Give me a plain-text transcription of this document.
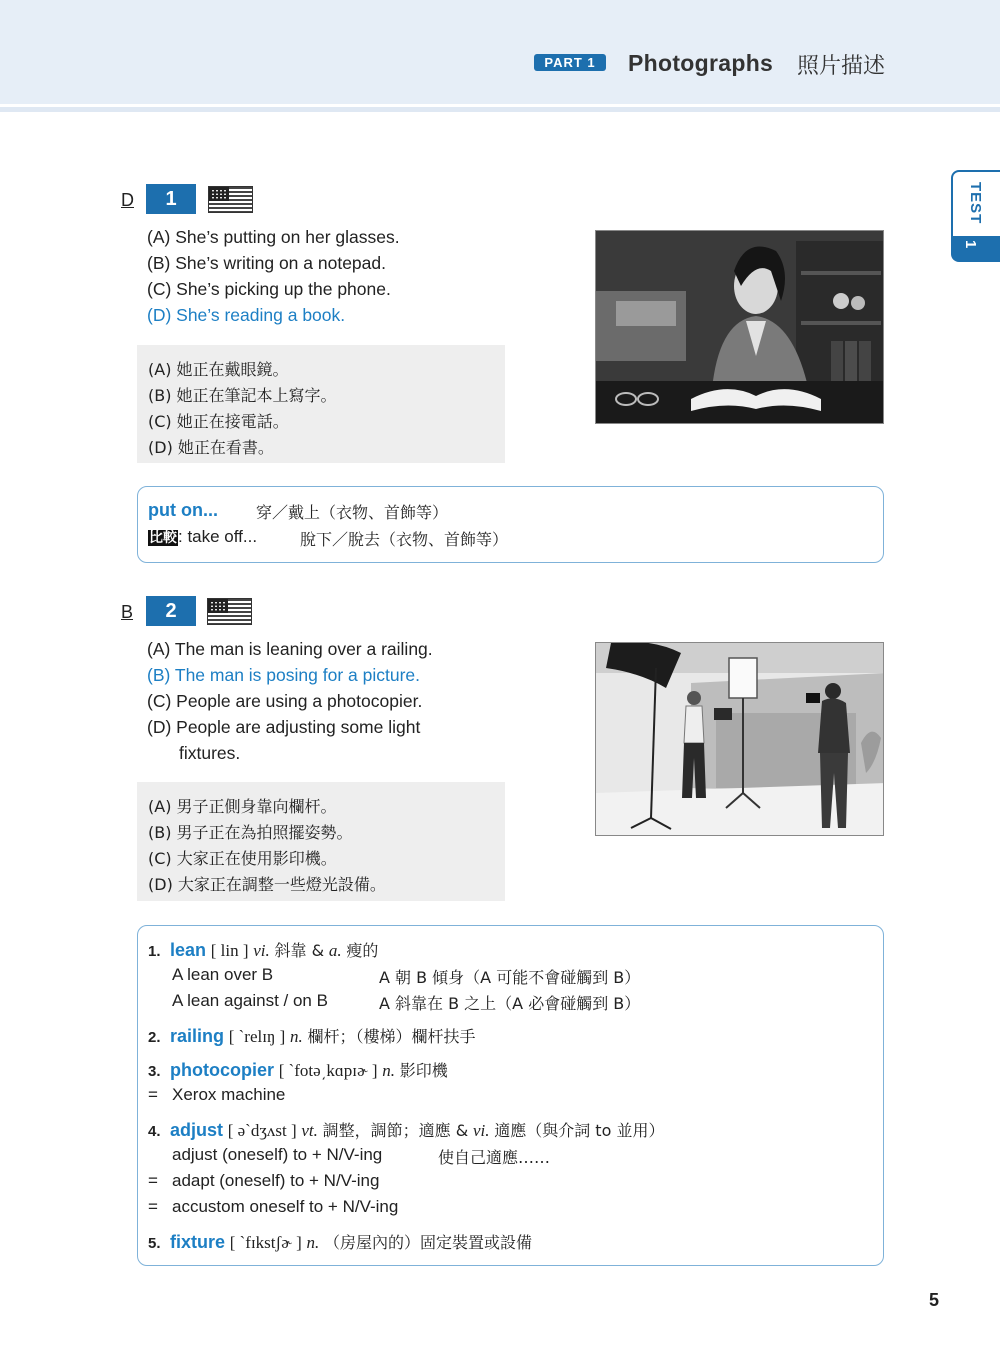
PART 1	Photographs 照片描述
TEST
1
D	1
(A) She’s putting on her glasses.
(B) She’s writing on a notepad.
(C) She’s picking up the phone.
(D) She’s reading a book.
(A) 她正在戴眼鏡。
(B) 她正在筆記本上寫字。
(C) 她正在接電話。
(D) 她正在看書。
put on... 穿／戴上（衣物、首飾等）
比較: take off...	脫下／脫去（衣物、首飾等）
B	2
(A) The man is leaning over a railing.
(B) The man is posing for a picture.
(C) People are using a photocopier.
(D) People are adjusting some light
fixtures.
(A) 男子正側身靠向欄杆。
(B) 男子正在為拍照擺姿勢。
(C) 大家正在使用影印機。
(D) 大家正在調整一些燈光設備。
1. lean [ lin ] vi. 斜靠 & a. 瘦的
A lean over B	A 朝 B 傾身（A 可能不會碰觸到 B）
A lean against / on B	A 斜靠在 B 之上（A 必會碰觸到 B）
2. railing [ ˋrelɪŋ ] n. 欄杆；（樓梯）欄杆扶手
3. photocopier [ ˋfotə͵kɑpɪɚ ] n. 影印機
= Xerox machine
4. adjust [ əˋdʒʌst ] vt. 調整，調節；適應 & vi. 適應（與介詞 to 並用）
adjust (oneself) to + N/V-ing	使自己適應……
= adapt (oneself) to + N/V-ing
= accustom oneself to + N/V-ing
5. fixture [ ˋfɪkstʃɚ ] n. （房屋內的）固定裝置或設備
5
